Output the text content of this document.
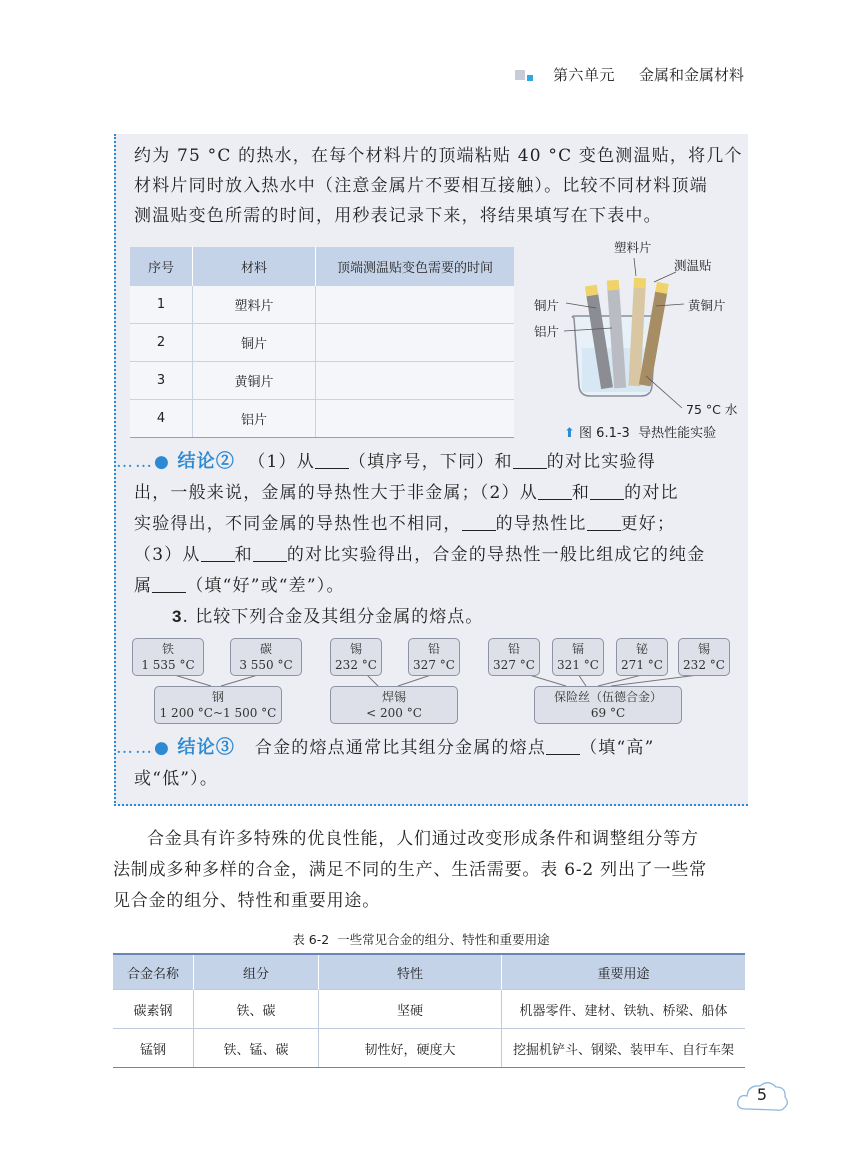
第六单元 金属和金属材料
约为 75 °C 的热水，在每个材料片的顶端粘贴 40 °C 变色测温贴，将几个
材料片同时放入热水中（注意金属片不要相互接触）。比较不同材料顶端
测温贴变色所需的时间，用秒表记录下来，将结果填写在下表中。
序号	材料	顶端测温贴变色需要的时间
1	塑料片	
2	铜片	
3	黄铜片	
4	铝片	
塑料片
测温贴
铜片	黄铜片
铝片
75 °C 水
⬆ 图 6.1-3 导热性能实验
……● 结论② （1）从 （填序号，下同）和 的对比实验得
出，一般来说，金属的导热性大于非金属；（2）从 和 的对比
实验得出，不同金属的导热性也不相同， 的导热性比 更好；
（3）从 和 的对比实验得出，合金的导热性一般比组成它的纯金
属 （填“好”或“差”）。
3. 比较下列合金及其组分金属的熔点。
铁
1 535 °C
碳
3 550 °C
钢
1 200 °C~1 500 °C
锡
232 °C
铅
327 °C
焊锡
< 200 °C
铅
327 °C
镉
321 °C
铋
271 °C
锡
232 °C
保险丝（伍德合金）
69 °C
……● 结论③ 合金的熔点通常比其组分金属的熔点 （填“高”
或“低”）。
合金具有许多特殊的优良性能，人们通过改变形成条件和调整组分等方
法制成多种多样的合金，满足不同的生产、生活需要。表 6-2 列出了一些常
见合金的组分、特性和重要用途。
表 6-2 一些常见合金的组分、特性和重要用途
合金名称	组分	特性	重要用途
碳素钢	铁、碳	坚硬	机器零件、建材、铁轨、桥梁、船体
锰钢	铁、锰、碳	韧性好，硬度大	挖掘机铲斗、钢梁、装甲车、自行车架
5
